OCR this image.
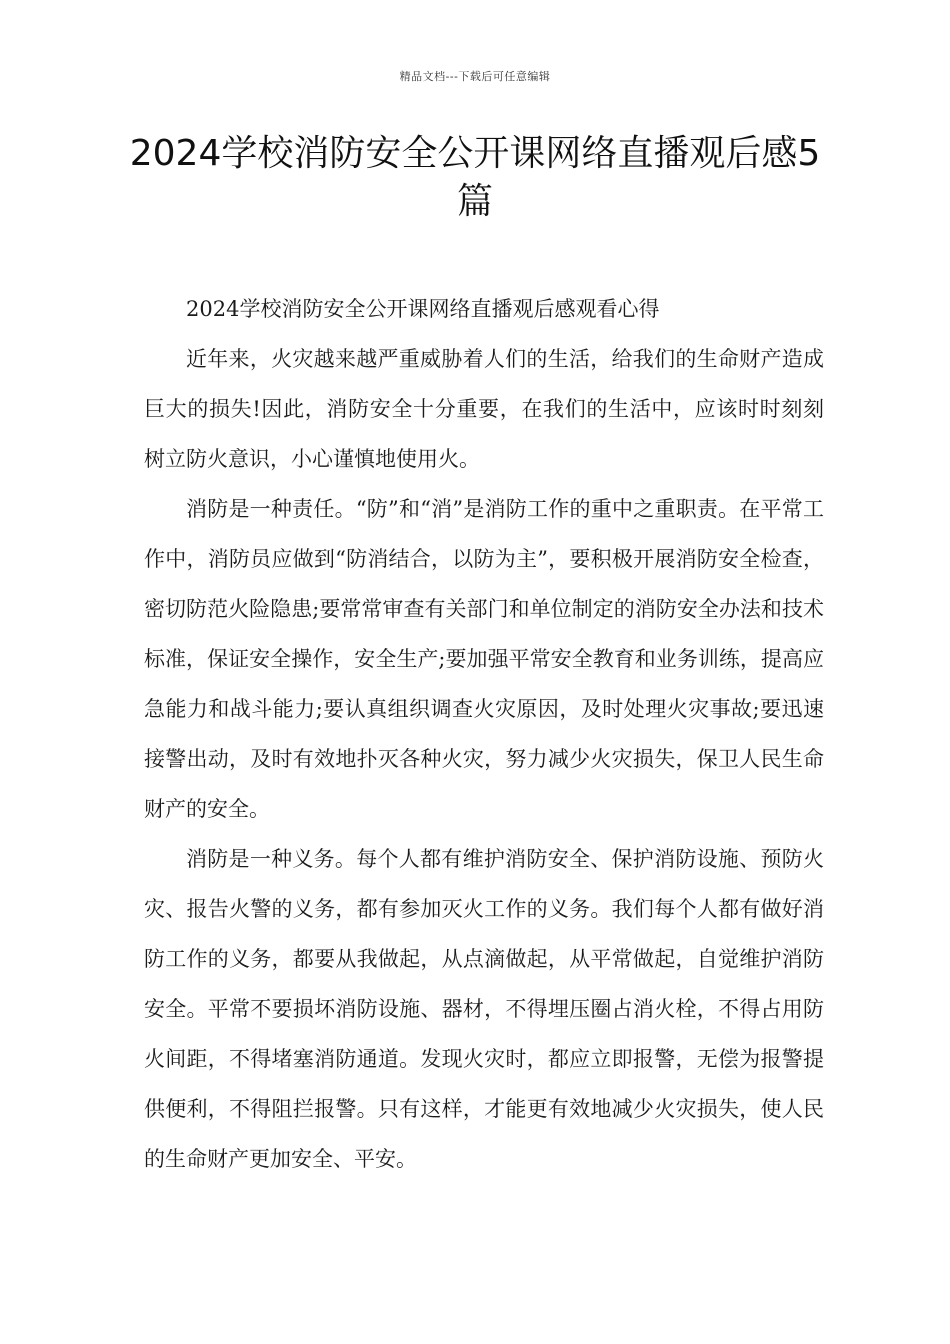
精品文档---下载后可任意编辑
2024学校消防安全公开课网络直播观后感5篇

2024学校消防安全公开课网络直播观后感观看心得

近年来，火灾越来越严重威胁着人们的生活，给我们的生命财产造成巨大的损失!因此，消防安全十分重要，在我们的生活中，应该时时刻刻树立防火意识，小心谨慎地使用火。

消防是一种责任。“防”和“消”是消防工作的重中之重职责。在平常工作中，消防员应做到“防消结合，以防为主”，要积极开展消防安全检查，密切防范火险隐患;要常常审查有关部门和单位制定的消防安全办法和技术标准，保证安全操作，安全生产;要加强平常安全教育和业务训练，提高应急能力和战斗能力;要认真组织调查火灾原因，及时处理火灾事故;要迅速接警出动，及时有效地扑灭各种火灾，努力减少火灾损失，保卫人民生命财产的安全。

消防是一种义务。每个人都有维护消防安全、保护消防设施、预防火灾、报告火警的义务，都有参加灭火工作的义务。我们每个人都有做好消防工作的义务，都要从我做起，从点滴做起，从平常做起，自觉维护消防安全。平常不要损坏消防设施、器材，不得埋压圈占消火栓，不得占用防火间距，不得堵塞消防通道。发现火灾时，都应立即报警，无偿为报警提供便利，不得阻拦报警。只有这样，才能更有效地减少火灾损失，使人民的生命财产更加安全、平安。
